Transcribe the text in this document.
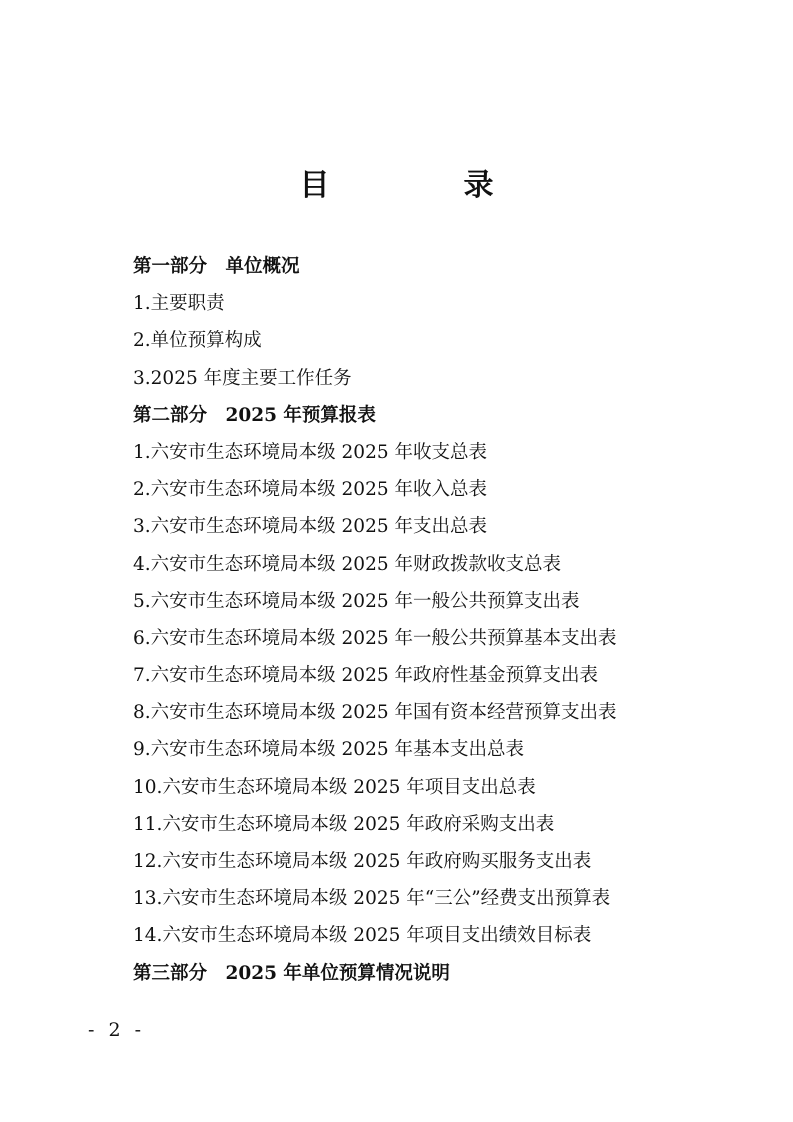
目　录
第一部分　单位概况
1.主要职责
2.单位预算构成
3.2025 年度主要工作任务
第二部分　2025 年预算报表
1.六安市生态环境局本级 2025 年收支总表
2.六安市生态环境局本级 2025 年收入总表
3.六安市生态环境局本级 2025 年支出总表
4.六安市生态环境局本级 2025 年财政拨款收支总表
5.六安市生态环境局本级 2025 年一般公共预算支出表
6.六安市生态环境局本级 2025 年一般公共预算基本支出表
7.六安市生态环境局本级 2025 年政府性基金预算支出表
8.六安市生态环境局本级 2025 年国有资本经营预算支出表
9.六安市生态环境局本级 2025 年基本支出总表
10.六安市生态环境局本级 2025 年项目支出总表
11.六安市生态环境局本级 2025 年政府采购支出表
12.六安市生态环境局本级 2025 年政府购买服务支出表
13.六安市生态环境局本级 2025 年“三公”经费支出预算表
14.六安市生态环境局本级 2025 年项目支出绩效目标表
第三部分　2025 年单位预算情况说明
- 2 -
